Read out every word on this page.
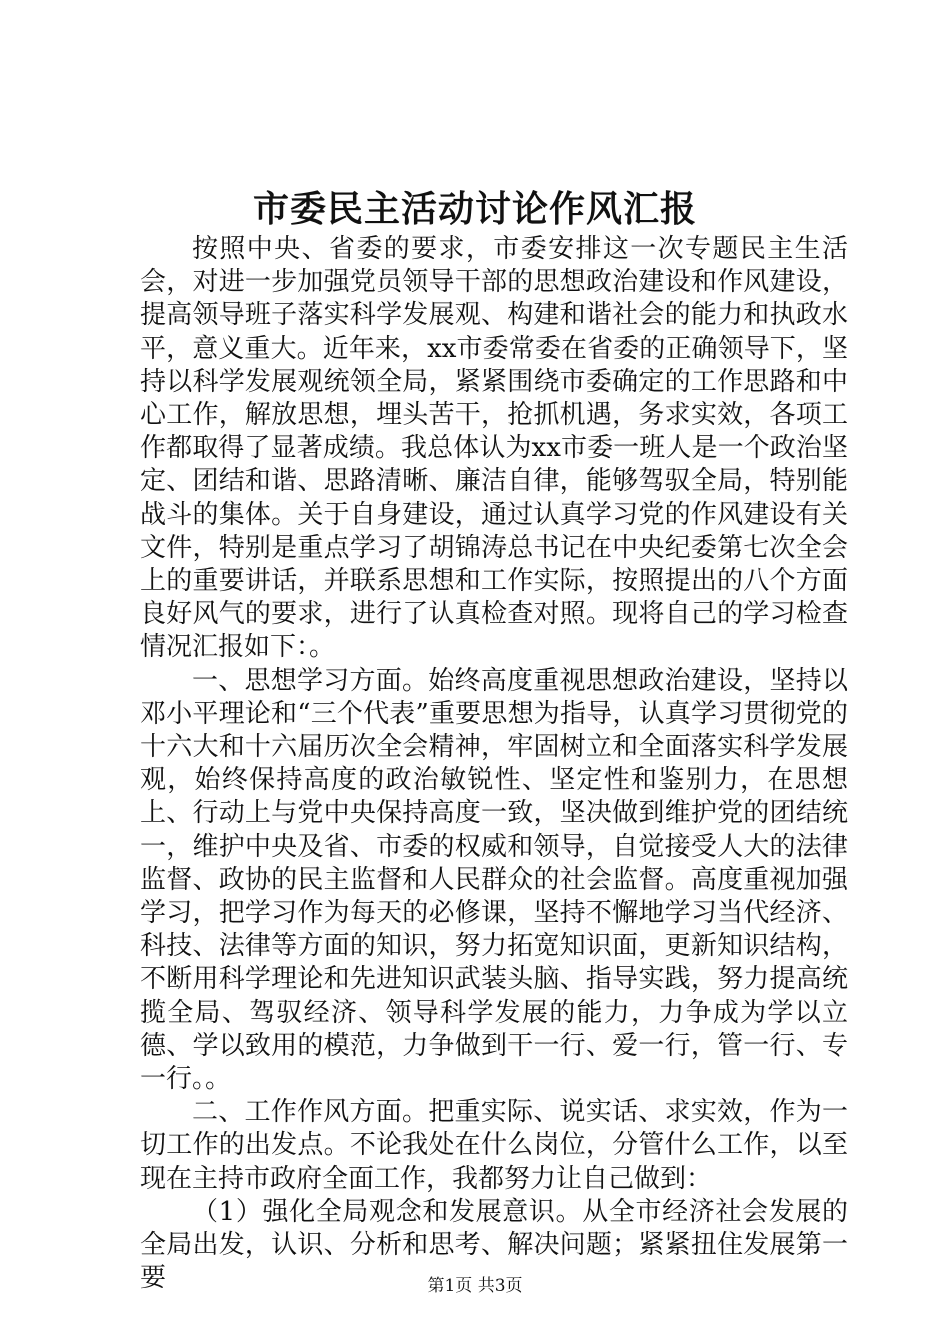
市委民主活动讨论作风汇报

按照中央、省委的要求，市委安排这一次专题民主生活会，对进一步加强党员领导干部的思想政治建设和作风建设，提高领导班子落实科学发展观、构建和谐社会的能力和执政水平，意义重大。近年来，xx市委常委在省委的正确领导下，坚持以科学发展观统领全局，紧紧围绕市委确定的工作思路和中心工作，解放思想，埋头苦干，抢抓机遇，务求实效，各项工作都取得了显著成绩。我总体认为xx市委一班人是一个政治坚定、团结和谐、思路清晰、廉洁自律，能够驾驭全局，特别能战斗的集体。关于自身建设，通过认真学习党的作风建设有关文件，特别是重点学习了胡锦涛总书记在中央纪委第七次全会上的重要讲话，并联系思想和工作实际，按照提出的八个方面良好风气的要求，进行了认真检查对照。现将自己的学习检查情况汇报如下：。

一、思想学习方面。始终高度重视思想政治建设，坚持以邓小平理论和“三个代表”重要思想为指导，认真学习贯彻党的十六大和十六届历次全会精神，牢固树立和全面落实科学发展观，始终保持高度的政治敏锐性、坚定性和鉴别力，在思想上、行动上与党中央保持高度一致，坚决做到维护党的团结统一，维护中央及省、市委的权威和领导，自觉接受人大的法律监督、政协的民主监督和人民群众的社会监督。高度重视加强学习，把学习作为每天的必修课，坚持不懈地学习当代经济、科技、法律等方面的知识，努力拓宽知识面，更新知识结构，不断用科学理论和先进知识武装头脑、指导实践，努力提高统揽全局、驾驭经济、领导科学发展的能力，力争成为学以立德、学以致用的模范，力争做到干一行、爱一行，管一行、专一行。。

二、工作作风方面。把重实际、说实话、求实效，作为一切工作的出发点。不论我处在什么岗位，分管什么工作，以至现在主持市政府全面工作，我都努力让自己做到：

（1）强化全局观念和发展意识。从全市经济社会发展的全局出发，认识、分析和思考、解决问题；紧紧扭住发展第一要	第1页 共3页
